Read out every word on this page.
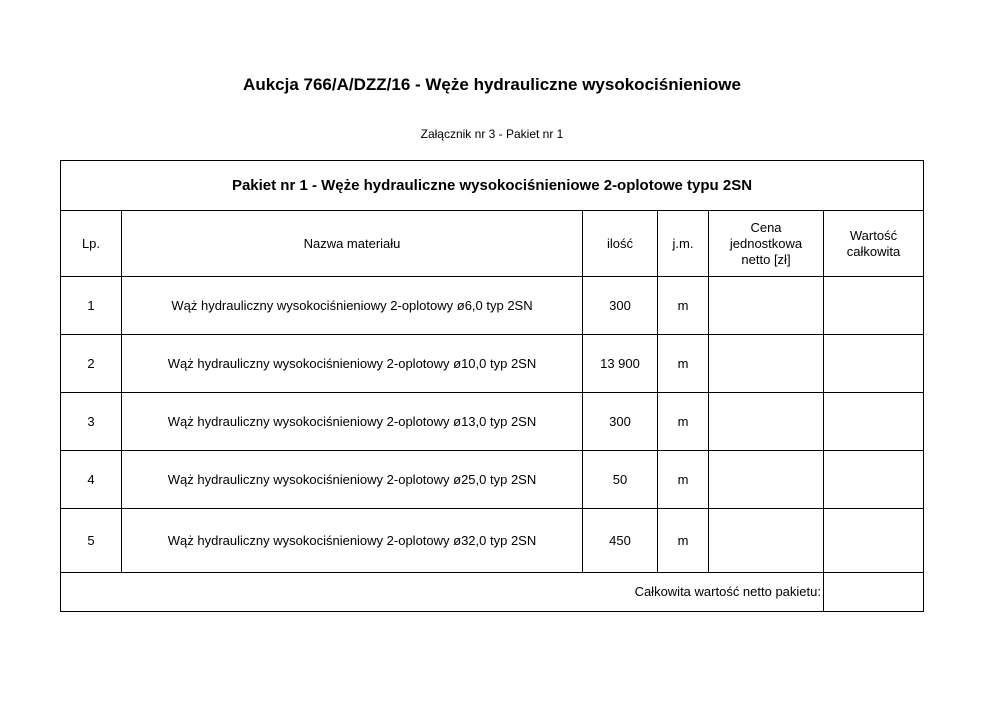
Aukcja 766/A/DZZ/16 - Węże hydrauliczne wysokociśnieniowe
Załącznik nr 3 - Pakiet nr 1
Pakiet nr 1 - Węże hydrauliczne wysokociśnieniowe 2-oplotowe typu 2SN					
Lp.	Nazwa materiału	ilość	j.m.	Cena
jednostkowa
netto [zł]	Wartość
całkowita
1	Wąż hydrauliczny wysokociśnieniowy 2-oplotowy ø6,0 typ 2SN	300	m		
2	Wąż hydrauliczny wysokociśnieniowy 2-oplotowy ø10,0 typ 2SN	13 900	m		
3	Wąż hydrauliczny wysokociśnieniowy 2-oplotowy ø13,0 typ 2SN	300	m		
4	Wąż hydrauliczny wysokociśnieniowy 2-oplotowy ø25,0 typ 2SN	50	m		
5	Wąż hydrauliczny wysokociśnieniowy 2-oplotowy ø32,0 typ 2SN	450	m		
Całkowita wartość netto pakietu:					
